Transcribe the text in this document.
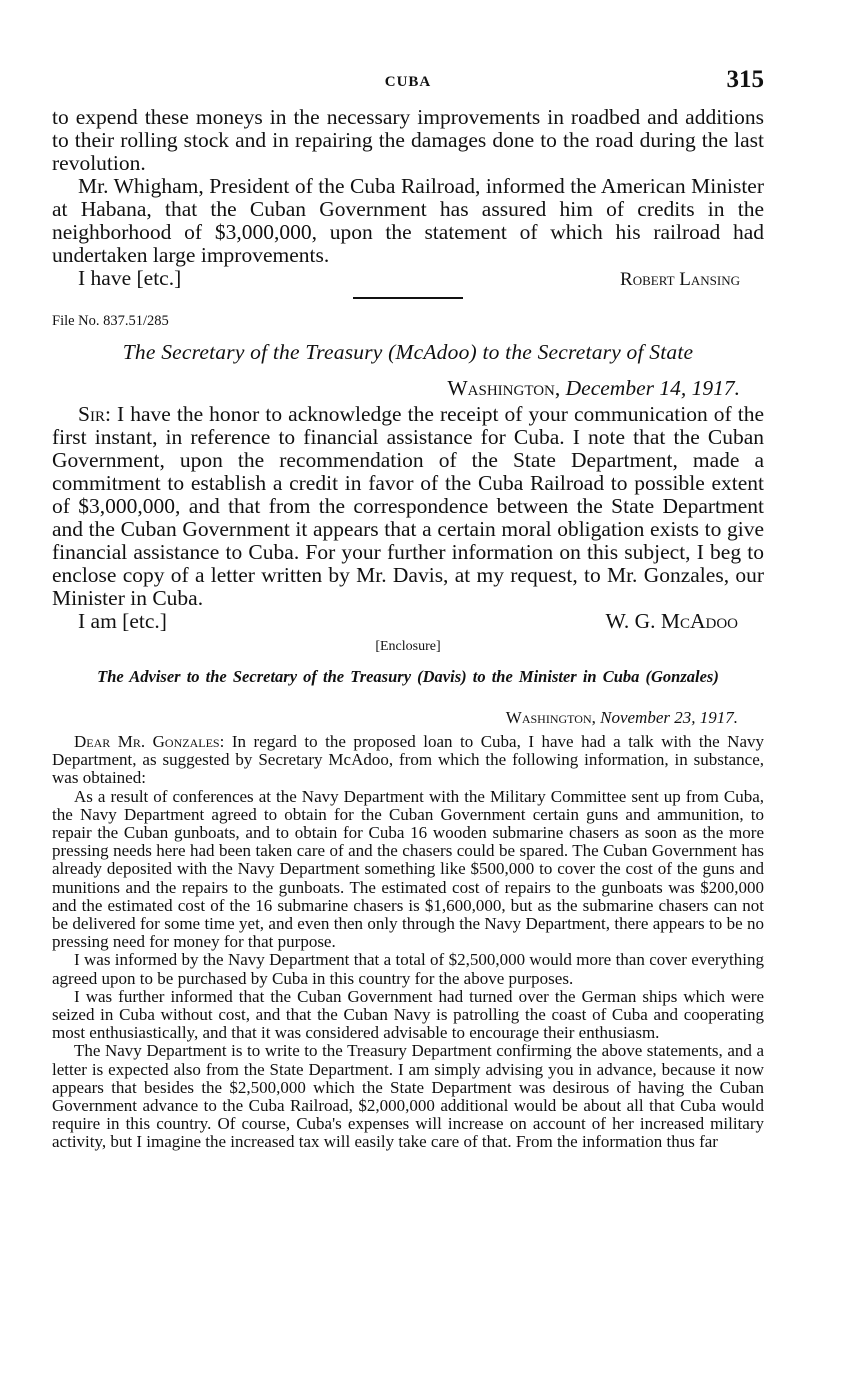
CUBA	315

to expend these moneys in the necessary improvements in roadbed and additions to their rolling stock and in repairing the damages done to the road during the last revolution.

Mr. Whigham, President of the Cuba Railroad, informed the American Minister at Habana, that the Cuban Government has assured him of credits in the neighborhood of $3,000,000, upon the statement of which his railroad had undertaken large improvements.

I have [etc.]	Robert Lansing

File No. 837.51/285

The Secretary of the Treasury (McAdoo) to the Secretary of State

Washington, December 14, 1917.

Sir: I have the honor to acknowledge the receipt of your communication of the first instant, in reference to financial assistance for Cuba. I note that the Cuban Government, upon the recommendation of the State Department, made a commitment to establish a credit in favor of the Cuba Railroad to possible extent of $3,000,000, and that from the correspondence between the State Department and the Cuban Government it appears that a certain moral obligation exists to give financial assistance to Cuba. For your further information on this subject, I beg to enclose copy of a letter written by Mr. Davis, at my request, to Mr. Gonzales, our Minister in Cuba.

I am [etc.]	W. G. McAdoo

[Enclosure]

The Adviser to the Secretary of the Treasury (Davis) to the Minister in Cuba (Gonzales)

Washington, November 23, 1917.

Dear Mr. Gonzales: In regard to the proposed loan to Cuba, I have had a talk with the Navy Department, as suggested by Secretary McAdoo, from which the following information, in substance, was obtained:

As a result of conferences at the Navy Department with the Military Committee sent up from Cuba, the Navy Department agreed to obtain for the Cuban Government certain guns and ammunition, to repair the Cuban gunboats, and to obtain for Cuba 16 wooden submarine chasers as soon as the more pressing needs here had been taken care of and the chasers could be spared. The Cuban Government has already deposited with the Navy Department something like $500,000 to cover the cost of the guns and munitions and the repairs to the gunboats. The estimated cost of repairs to the gunboats was $200,000 and the estimated cost of the 16 submarine chasers is $1,600,000, but as the submarine chasers can not be delivered for some time yet, and even then only through the Navy Department, there appears to be no pressing need for money for that purpose.

I was informed by the Navy Department that a total of $2,500,000 would more than cover everything agreed upon to be purchased by Cuba in this country for the above purposes.

I was further informed that the Cuban Government had turned over the German ships which were seized in Cuba without cost, and that the Cuban Navy is patrolling the coast of Cuba and cooperating most enthusiastically, and that it was considered advisable to encourage their enthusiasm.

The Navy Department is to write to the Treasury Department confirming the above statements, and a letter is expected also from the State Department. I am simply advising you in advance, because it now appears that besides the $2,500,000 which the State Department was desirous of having the Cuban Government advance to the Cuba Railroad, $2,000,000 additional would be about all that Cuba would require in this country. Of course, Cuba's expenses will increase on account of her increased military activity, but I imagine the increased tax will easily take care of that. From the information thus far
